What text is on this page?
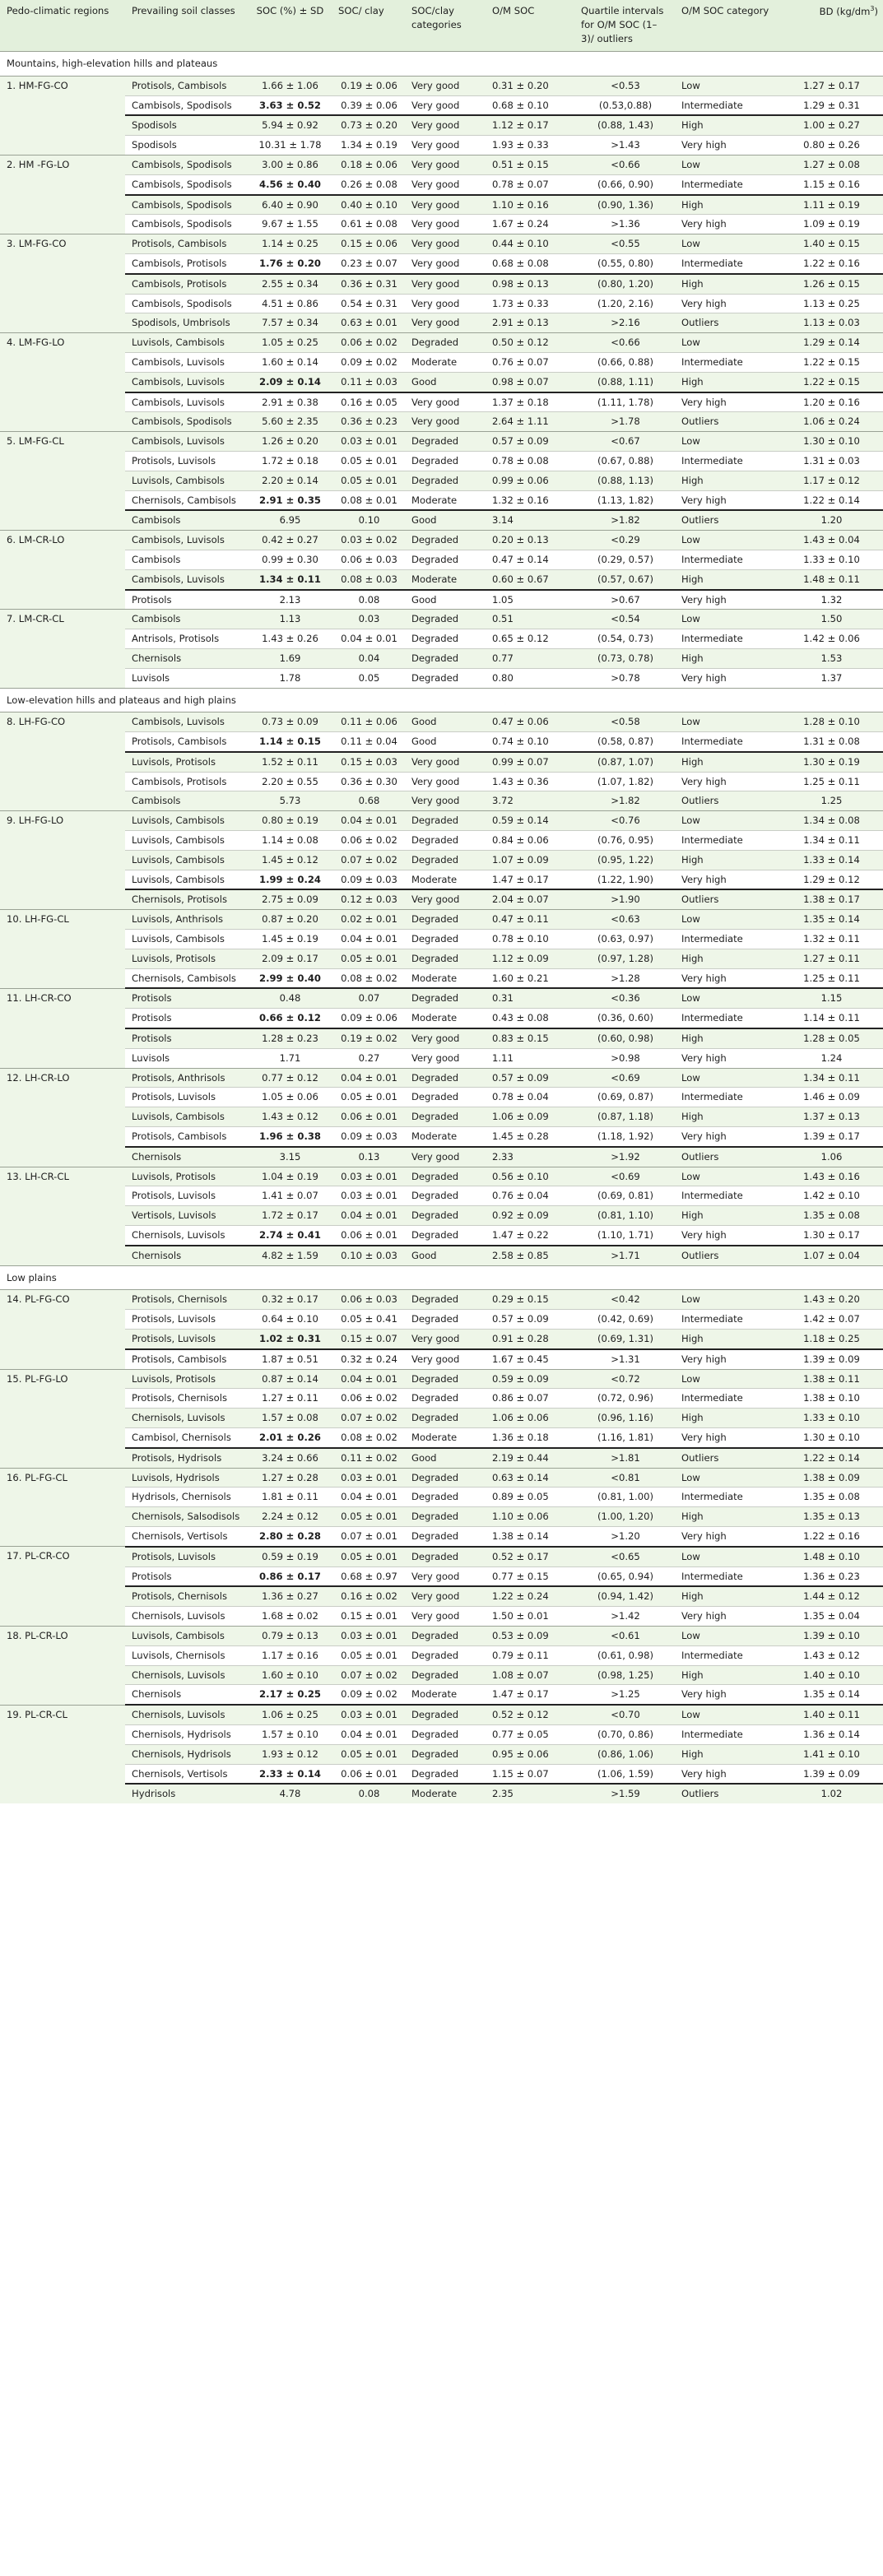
Pedo-climatic regions	Prevailing soil classes	SOC (%) ± SD	SOC/ clay	SOC/clay categories	O/M SOC	Quartile intervals for O/M SOC (1–3)/ outliers	O/M SOC category	BD $(kg/dm^3)$
Mountains, high-elevation hills and plateaus								
1. HM-FG-CO	Protisols, Cambisols	1.66 ± 1.06	0.19 ± 0.06	Very good	0.31 ± 0.20	<0.53	Low	1.27 ± 0.17
	Cambisols, Spodisols	3.63 ± 0.52	0.39 ± 0.06	Very good	0.68 ± 0.10	(0.53,0.88)	Intermediate	1.29 ± 0.31
	Spodisols	5.94 ± 0.92	0.73 ± 0.20	Very good	1.12 ± 0.17	(0.88, 1.43)	High	1.00 ± 0.27
	Spodisols	10.31 ± 1.78	1.34 ± 0.19	Very good	1.93 ± 0.33	>1.43	Very high	0.80 ± 0.26
2. HM -FG-LO	Cambisols, Spodisols	3.00 ± 0.86	0.18 ± 0.06	Very good	0.51 ± 0.15	<0.66	Low	1.27 ± 0.08
	Cambisols, Spodisols	4.56 ± 0.40	0.26 ± 0.08	Very good	0.78 ± 0.07	(0.66, 0.90)	Intermediate	1.15 ± 0.16
	Cambisols, Spodisols	6.40 ± 0.90	0.40 ± 0.10	Very good	1.10 ± 0.16	(0.90, 1.36)	High	1.11 ± 0.19
	Cambisols, Spodisols	9.67 ± 1.55	0.61 ± 0.08	Very good	1.67 ± 0.24	>1.36	Very high	1.09 ± 0.19
3. LM-FG-CO	Protisols, Cambisols	1.14 ± 0.25	0.15 ± 0.06	Very good	0.44 ± 0.10	<0.55	Low	1.40 ± 0.15
	Cambisols, Protisols	1.76 ± 0.20	0.23 ± 0.07	Very good	0.68 ± 0.08	(0.55, 0.80)	Intermediate	1.22 ± 0.16
	Cambisols, Protisols	2.55 ± 0.34	0.36 ± 0.31	Very good	0.98 ± 0.13	(0.80, 1.20)	High	1.26 ± 0.15
	Cambisols, Spodisols	4.51 ± 0.86	0.54 ± 0.31	Very good	1.73 ± 0.33	(1.20, 2.16)	Very high	1.13 ± 0.25
	Spodisols, Umbrisols	7.57 ± 0.34	0.63 ± 0.01	Very good	2.91 ± 0.13	>2.16	Outliers	1.13 ± 0.03
4. LM-FG-LO	Luvisols, Cambisols	1.05 ± 0.25	0.06 ± 0.02	Degraded	0.50 ± 0.12	<0.66	Low	1.29 ± 0.14
	Cambisols, Luvisols	1.60 ± 0.14	0.09 ± 0.02	Moderate	0.76 ± 0.07	(0.66, 0.88)	Intermediate	1.22 ± 0.15
	Cambisols, Luvisols	2.09 ± 0.14	0.11 ± 0.03	Good	0.98 ± 0.07	(0.88, 1.11)	High	1.22 ± 0.15
	Cambisols, Luvisols	2.91 ± 0.38	0.16 ± 0.05	Very good	1.37 ± 0.18	(1.11, 1.78)	Very high	1.20 ± 0.16
	Cambisols, Spodisols	5.60 ± 2.35	0.36 ± 0.23	Very good	2.64 ± 1.11	>1.78	Outliers	1.06 ± 0.24
5. LM-FG-CL	Cambisols, Luvisols	1.26 ± 0.20	0.03 ± 0.01	Degraded	0.57 ± 0.09	<0.67	Low	1.30 ± 0.10
	Protisols, Luvisols	1.72 ± 0.18	0.05 ± 0.01	Degraded	0.78 ± 0.08	(0.67, 0.88)	Intermediate	1.31 ± 0.03
	Luvisols, Cambisols	2.20 ± 0.14	0.05 ± 0.01	Degraded	0.99 ± 0.06	(0.88, 1.13)	High	1.17 ± 0.12
	Chernisols, Cambisols	2.91 ± 0.35	0.08 ± 0.01	Moderate	1.32 ± 0.16	(1.13, 1.82)	Very high	1.22 ± 0.14
	Cambisols	6.95	0.10	Good	3.14	>1.82	Outliers	1.20
6. LM-CR-LO	Cambisols, Luvisols	0.42 ± 0.27	0.03 ± 0.02	Degraded	0.20 ± 0.13	<0.29	Low	1.43 ± 0.04
	Cambisols	0.99 ± 0.30	0.06 ± 0.03	Degraded	0.47 ± 0.14	(0.29, 0.57)	Intermediate	1.33 ± 0.10
	Cambisols, Luvisols	1.34 ± 0.11	0.08 ± 0.03	Moderate	0.60 ± 0.67	(0.57, 0.67)	High	1.48 ± 0.11
	Protisols	2.13	0.08	Good	1.05	>0.67	Very high	1.32
7. LM-CR-CL	Cambisols	1.13	0.03	Degraded	0.51	<0.54	Low	1.50
	Antrisols, Protisols	1.43 ± 0.26	0.04 ± 0.01	Degraded	0.65 ± 0.12	(0.54, 0.73)	Intermediate	1.42 ± 0.06
	Chernisols	1.69	0.04	Degraded	0.77	(0.73, 0.78)	High	1.53
	Luvisols	1.78	0.05	Degraded	0.80	>0.78	Very high	1.37
Low-elevation hills and plateaus and high plains								
8. LH-FG-CO	Cambisols, Luvisols	0.73 ± 0.09	0.11 ± 0.06	Good	0.47 ± 0.06	<0.58	Low	1.28 ± 0.10
	Protisols, Cambisols	1.14 ± 0.15	0.11 ± 0.04	Good	0.74 ± 0.10	(0.58, 0.87)	Intermediate	1.31 ± 0.08
	Luvisols, Protisols	1.52 ± 0.11	0.15 ± 0.03	Very good	0.99 ± 0.07	(0.87, 1.07)	High	1.30 ± 0.19
	Cambisols, Protisols	2.20 ± 0.55	0.36 ± 0.30	Very good	1.43 ± 0.36	(1.07, 1.82)	Very high	1.25 ± 0.11
	Cambisols	5.73	0.68	Very good	3.72	>1.82	Outliers	1.25
9. LH-FG-LO	Luvisols, Cambisols	0.80 ± 0.19	0.04 ± 0.01	Degraded	0.59 ± 0.14	<0.76	Low	1.34 ± 0.08
	Luvisols, Cambisols	1.14 ± 0.08	0.06 ± 0.02	Degraded	0.84 ± 0.06	(0.76, 0.95)	Intermediate	1.34 ± 0.11
	Luvisols, Cambisols	1.45 ± 0.12	0.07 ± 0.02	Degraded	1.07 ± 0.09	(0.95, 1.22)	High	1.33 ± 0.14
	Luvisols, Cambisols	1.99 ± 0.24	0.09 ± 0.03	Moderate	1.47 ± 0.17	(1.22, 1.90)	Very high	1.29 ± 0.12
	Chernisols, Protisols	2.75 ± 0.09	0.12 ± 0.03	Very good	2.04 ± 0.07	>1.90	Outliers	1.38 ± 0.17
10. LH-FG-CL	Luvisols, Anthrisols	0.87 ± 0.20	0.02 ± 0.01	Degraded	0.47 ± 0.11	<0.63	Low	1.35 ± 0.14
	Luvisols, Cambisols	1.45 ± 0.19	0.04 ± 0.01	Degraded	0.78 ± 0.10	(0.63, 0.97)	Intermediate	1.32 ± 0.11
	Luvisols, Protisols	2.09 ± 0.17	0.05 ± 0.01	Degraded	1.12 ± 0.09	(0.97, 1.28)	High	1.27 ± 0.11
	Chernisols, Cambisols	2.99 ± 0.40	0.08 ± 0.02	Moderate	1.60 ± 0.21	>1.28	Very high	1.25 ± 0.11
11. LH-CR-CO	Protisols	0.48	0.07	Degraded	0.31	<0.36	Low	1.15
	Protisols	0.66 ± 0.12	0.09 ± 0.06	Moderate	0.43 ± 0.08	(0.36, 0.60)	Intermediate	1.14 ± 0.11
	Protisols	1.28 ± 0.23	0.19 ± 0.02	Very good	0.83 ± 0.15	(0.60, 0.98)	High	1.28 ± 0.05
	Luvisols	1.71	0.27	Very good	1.11	>0.98	Very high	1.24
12. LH-CR-LO	Protisols, Anthrisols	0.77 ± 0.12	0.04 ± 0.01	Degraded	0.57 ± 0.09	<0.69	Low	1.34 ± 0.11
	Protisols, Luvisols	1.05 ± 0.06	0.05 ± 0.01	Degraded	0.78 ± 0.04	(0.69, 0.87)	Intermediate	1.46 ± 0.09
	Luvisols, Cambisols	1.43 ± 0.12	0.06 ± 0.01	Degraded	1.06 ± 0.09	(0.87, 1.18)	High	1.37 ± 0.13
	Protisols, Cambisols	1.96 ± 0.38	0.09 ± 0.03	Moderate	1.45 ± 0.28	(1.18, 1.92)	Very high	1.39 ± 0.17
	Chernisols	3.15	0.13	Very good	2.33	>1.92	Outliers	1.06
13. LH-CR-CL	Luvisols, Protisols	1.04 ± 0.19	0.03 ± 0.01	Degraded	0.56 ± 0.10	<0.69	Low	1.43 ± 0.16
	Protisols, Luvisols	1.41 ± 0.07	0.03 ± 0.01	Degraded	0.76 ± 0.04	(0.69, 0.81)	Intermediate	1.42 ± 0.10
	Vertisols, Luvisols	1.72 ± 0.17	0.04 ± 0.01	Degraded	0.92 ± 0.09	(0.81, 1.10)	High	1.35 ± 0.08
	Chernisols, Luvisols	2.74 ± 0.41	0.06 ± 0.01	Degraded	1.47 ± 0.22	(1.10, 1.71)	Very high	1.30 ± 0.17
	Chernisols	4.82 ± 1.59	0.10 ± 0.03	Good	2.58 ± 0.85	>1.71	Outliers	1.07 ± 0.04
Low plains								
14. PL-FG-CO	Protisols, Chernisols	0.32 ± 0.17	0.06 ± 0.03	Degraded	0.29 ± 0.15	<0.42	Low	1.43 ± 0.20
	Protisols, Luvisols	0.64 ± 0.10	0.05 ± 0.41	Degraded	0.57 ± 0.09	(0.42, 0.69)	Intermediate	1.42 ± 0.07
	Protisols, Luvisols	1.02 ± 0.31	0.15 ± 0.07	Very good	0.91 ± 0.28	(0.69, 1.31)	High	1.18 ± 0.25
	Protisols, Cambisols	1.87 ± 0.51	0.32 ± 0.24	Very good	1.67 ± 0.45	>1.31	Very high	1.39 ± 0.09
15. PL-FG-LO	Luvisols, Protisols	0.87 ± 0.14	0.04 ± 0.01	Degraded	0.59 ± 0.09	<0.72	Low	1.38 ± 0.11
	Protisols, Chernisols	1.27 ± 0.11	0.06 ± 0.02	Degraded	0.86 ± 0.07	(0.72, 0.96)	Intermediate	1.38 ± 0.10
	Chernisols, Luvisols	1.57 ± 0.08	0.07 ± 0.02	Degraded	1.06 ± 0.06	(0.96, 1.16)	High	1.33 ± 0.10
	Cambisol, Chernisols	2.01 ± 0.26	0.08 ± 0.02	Moderate	1.36 ± 0.18	(1.16, 1.81)	Very high	1.30 ± 0.10
	Protisols, Hydrisols	3.24 ± 0.66	0.11 ± 0.02	Good	2.19 ± 0.44	>1.81	Outliers	1.22 ± 0.14
16. PL-FG-CL	Luvisols, Hydrisols	1.27 ± 0.28	0.03 ± 0.01	Degraded	0.63 ± 0.14	<0.81	Low	1.38 ± 0.09
	Hydrisols, Chernisols	1.81 ± 0.11	0.04 ± 0.01	Degraded	0.89 ± 0.05	(0.81, 1.00)	Intermediate	1.35 ± 0.08
	Chernisols, Salsodisols	2.24 ± 0.12	0.05 ± 0.01	Degraded	1.10 ± 0.06	(1.00, 1.20)	High	1.35 ± 0.13
	Chernisols, Vertisols	2.80 ± 0.28	0.07 ± 0.01	Degraded	1.38 ± 0.14	>1.20	Very high	1.22 ± 0.16
17. PL-CR-CO	Protisols, Luvisols	0.59 ± 0.19	0.05 ± 0.01	Degraded	0.52 ± 0.17	<0.65	Low	1.48 ± 0.10
	Protisols	0.86 ± 0.17	0.68 ± 0.97	Very good	0.77 ± 0.15	(0.65, 0.94)	Intermediate	1.36 ± 0.23
	Protisols, Chernisols	1.36 ± 0.27	0.16 ± 0.02	Very good	1.22 ± 0.24	(0.94, 1.42)	High	1.44 ± 0.12
	Chernisols, Luvisols	1.68 ± 0.02	0.15 ± 0.01	Very good	1.50 ± 0.01	>1.42	Very high	1.35 ± 0.04
18. PL-CR-LO	Luvisols, Cambisols	0.79 ± 0.13	0.03 ± 0.01	Degraded	0.53 ± 0.09	<0.61	Low	1.39 ± 0.10
	Luvisols, Chernisols	1.17 ± 0.16	0.05 ± 0.01	Degraded	0.79 ± 0.11	(0.61, 0.98)	Intermediate	1.43 ± 0.12
	Chernisols, Luvisols	1.60 ± 0.10	0.07 ± 0.02	Degraded	1.08 ± 0.07	(0.98, 1.25)	High	1.40 ± 0.10
	Chernisols	2.17 ± 0.25	0.09 ± 0.02	Moderate	1.47 ± 0.17	>1.25	Very high	1.35 ± 0.14
19. PL-CR-CL	Chernisols, Luvisols	1.06 ± 0.25	0.03 ± 0.01	Degraded	0.52 ± 0.12	<0.70	Low	1.40 ± 0.11
	Chernisols, Hydrisols	1.57 ± 0.10	0.04 ± 0.01	Degraded	0.77 ± 0.05	(0.70, 0.86)	Intermediate	1.36 ± 0.14
	Chernisols, Hydrisols	1.93 ± 0.12	0.05 ± 0.01	Degraded	0.95 ± 0.06	(0.86, 1.06)	High	1.41 ± 0.10
	Chernisols, Vertisols	2.33 ± 0.14	0.06 ± 0.01	Degraded	1.15 ± 0.07	(1.06, 1.59)	Very high	1.39 ± 0.09
	Hydrisols	4.78	0.08	Moderate	2.35	>1.59	Outliers	1.02
